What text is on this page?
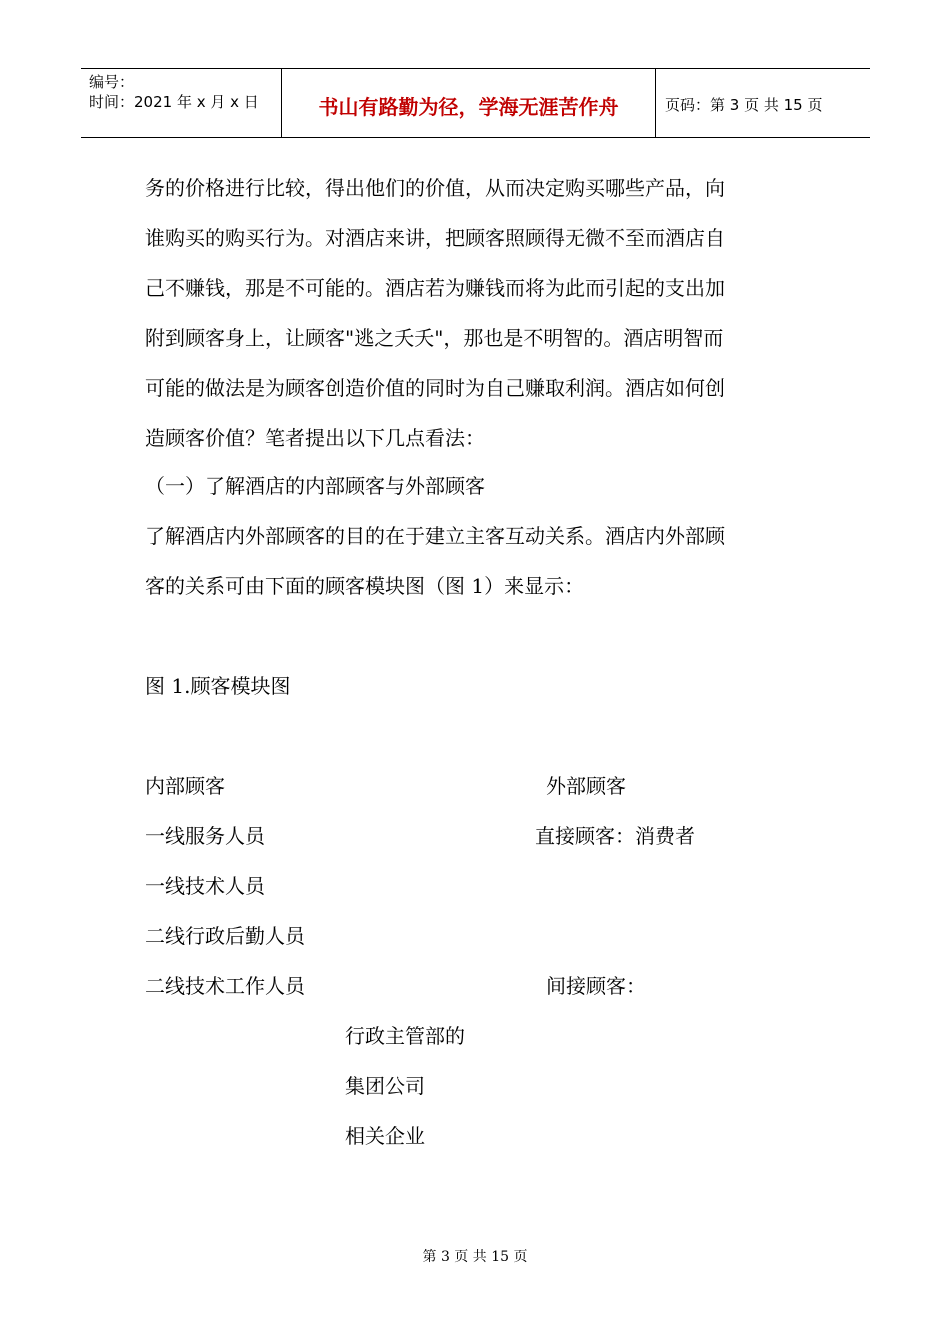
编号：
时间：2021 年 x 月 x 日	书山有路勤为径，学海无涯苦作舟	页码：第 3 页 共 15 页
务的价格进行比较，得出他们的价值，从而决定购买哪些产品，向
谁购买的购买行为。对酒店来讲，把顾客照顾得无微不至而酒店自
己不赚钱，那是不可能的。酒店若为赚钱而将为此而引起的支出加
附到顾客身上，让顾客"逃之夭夭"，那也是不明智的。酒店明智而
可能的做法是为顾客创造价值的同时为自己赚取利润。酒店如何创
造顾客价值？笔者提出以下几点看法：
（一）了解酒店的内部顾客与外部顾客
了解酒店内外部顾客的目的在于建立主客互动关系。酒店内外部顾
客的关系可由下面的顾客模块图（图 1）来显示：
图 1.顾客模块图
内部顾客	外部顾客
一线服务人员	直接顾客：消费者
一线技术人员
二线行政后勤人员
二线技术工作人员	间接顾客：
行政主管部的
集团公司
相关企业
第 3 页 共 15 页
